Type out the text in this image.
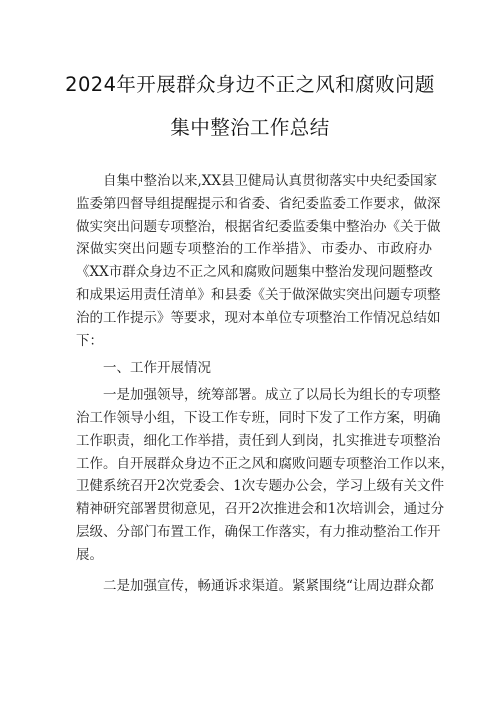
2024年开展群众身边不正之风和腐败问题
集中整治工作总结
自集中整治以来,XX县卫健局认真贯彻落实中央纪委国家
监委第四督导组提醒提示和省委、省纪委监委工作要求，做深
做实突出问题专项整治，根据省纪委监委集中整治办《关于做
深做实突出问题专项整治的工作举措》、市委办、市政府办
《XX市群众身边不正之风和腐败问题集中整治发现问题整改
和成果运用责任清单》和县委《关于做深做实突出问题专项整
治的工作提示》等要求，现对本单位专项整治工作情况总结如
下：
一、工作开展情况
一是加强领导，统筹部署。成立了以局长为组长的专项整
治工作领导小组，下设工作专班，同时下发了工作方案，明确
工作职责，细化工作举措，责任到人到岗，扎实推进专项整治
工作。自开展群众身边不正之风和腐败问题专项整治工作以来，
卫健系统召开2次党委会、1次专题办公会，学习上级有关文件
精神研究部署贯彻意见，召开2次推进会和1次培训会，通过分
层级、分部门布置工作，确保工作落实，有力推动整治工作开
展。
二是加强宣传，畅通诉求渠道。紧紧围绕“让周边群众都
